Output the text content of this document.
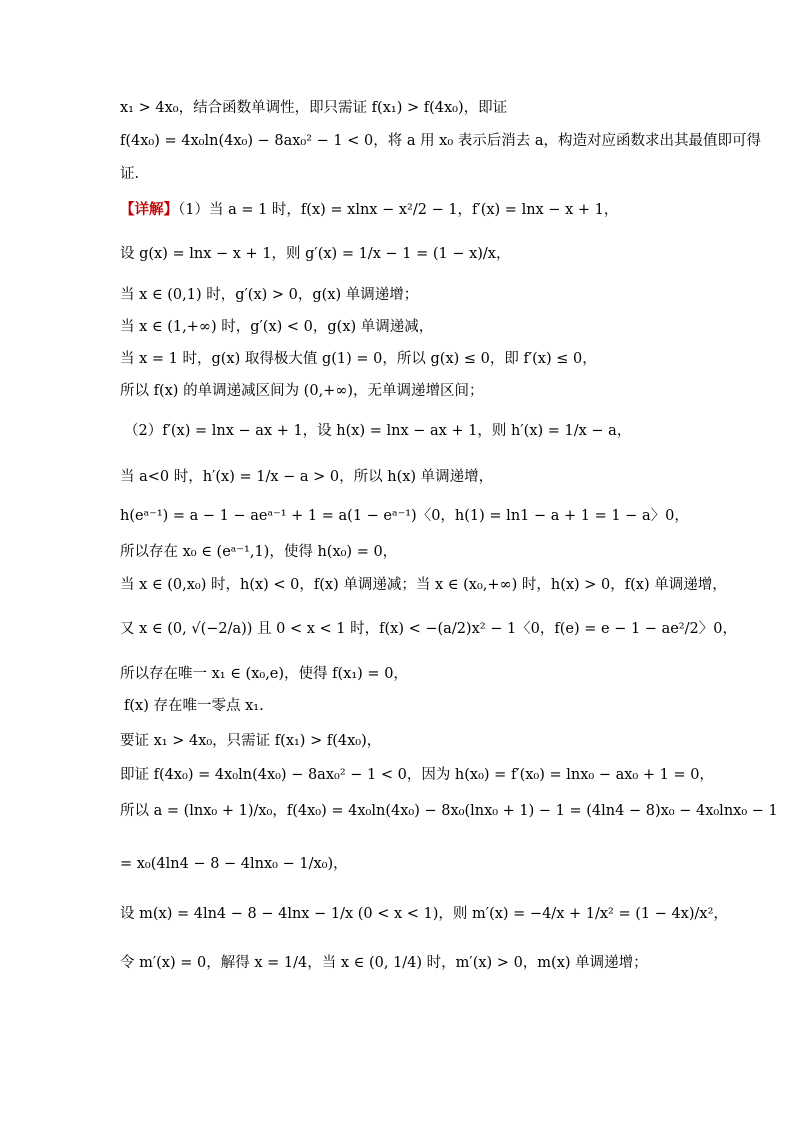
x₁ > 4x₀，结合函数单调性，即只需证 f(x₁) > f(4x₀)，即证
f(4x₀) = 4x₀ln(4x₀) − 8ax₀² − 1 < 0，将 a 用 x₀ 表示后消去 a，构造对应函数求出其最值即可得
证.
【详解】（1）当 a = 1 时，f(x) = xlnx − x²/2 − 1，f′(x) = lnx − x + 1，
设 g(x) = lnx − x + 1，则 g′(x) = 1/x − 1 = (1 − x)/x，
当 x ∈ (0,1) 时，g′(x) > 0，g(x) 单调递增；
当 x ∈ (1,+∞) 时，g′(x) < 0，g(x) 单调递减，
当 x = 1 时，g(x) 取得极大值 g(1) = 0，所以 g(x) ≤ 0，即 f′(x) ≤ 0，
所以 f(x) 的单调递减区间为 (0,+∞)，无单调递增区间；
（2）f′(x) = lnx − ax + 1，设 h(x) = lnx − ax + 1，则 h′(x) = 1/x − a，
当 a<0 时，h′(x) = 1/x − a > 0，所以 h(x) 单调递增，
h(eᵃ⁻¹) = a − 1 − aeᵃ⁻¹ + 1 = a(1 − eᵃ⁻¹)〈0，h(1) = ln1 − a + 1 = 1 − a〉0，
所以存在 x₀ ∈ (eᵃ⁻¹,1)，使得 h(x₀) = 0，
当 x ∈ (0,x₀) 时，h(x) < 0，f(x) 单调递减；当 x ∈ (x₀,+∞) 时，h(x) > 0，f(x) 单调递增，
又 x ∈ (0, √(−2/a)) 且 0 < x < 1 时，f(x) < −(a/2)x² − 1〈0，f(e) = e − 1 − ae²/2〉0，
所以存在唯一 x₁ ∈ (x₀,e)，使得 f(x₁) = 0，
f(x) 存在唯一零点 x₁.
要证 x₁ > 4x₀，只需证 f(x₁) > f(4x₀)，
即证 f(4x₀) = 4x₀ln(4x₀) − 8ax₀² − 1 < 0，因为 h(x₀) = f′(x₀) = lnx₀ − ax₀ + 1 = 0，
所以 a = (lnx₀ + 1)/x₀，f(4x₀) = 4x₀ln(4x₀) − 8x₀(lnx₀ + 1) − 1 = (4ln4 − 8)x₀ − 4x₀lnx₀ − 1
= x₀(4ln4 − 8 − 4lnx₀ − 1/x₀)，
设 m(x) = 4ln4 − 8 − 4lnx − 1/x (0 < x < 1)，则 m′(x) = −4/x + 1/x² = (1 − 4x)/x²，
令 m′(x) = 0，解得 x = 1/4，当 x ∈ (0, 1/4) 时，m′(x) > 0，m(x) 单调递增；
